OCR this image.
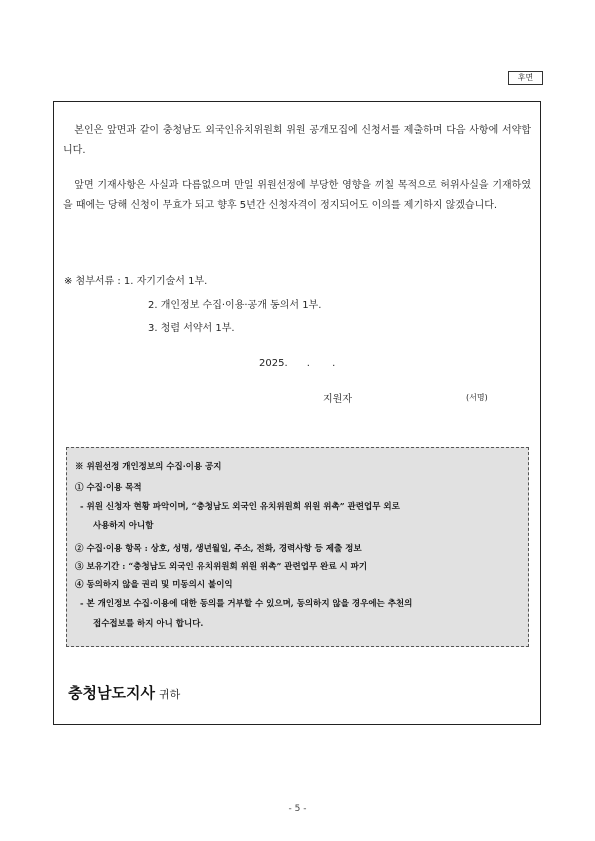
후면

본인은 앞면과 같이 충청남도 외국인유치위원회 위원 공개모집에 신청서를 제출하며 다음 사항에 서약합니다.

앞면 기재사항은 사실과 다름없으며 만일 위원선정에 부당한 영향을 끼칠 목적으로 허위사실을 기재하였을 때에는 당해 신청이 무효가 되고 향후 5년간 신청자격이 정지되어도 이의를 제기하지 않겠습니다.

※ 첨부서류 : 1. 자기기술서 1부.
2. 개인정보 수집·이용·공개 동의서 1부.
3. 청렴 서약서 1부.
2025.      .       .
지원자	(서명)
※ 위원선정 개인정보의 수집·이용 공지
① 수집·이용 목적
- 위원 신청자 현황 파악이며, “충청남도 외국인 유치위원회 위원 위촉” 관련업무 외로
사용하지 아니함
② 수집·이용 항목 : 상호, 성명, 생년월일, 주소, 전화, 경력사항 등 제출 정보
③ 보유기간 : “충청남도 외국인 유치위원회 위원 위촉” 관련업무 완료 시 파기
④ 동의하지 않을 권리 및 미동의시 불이익
- 본 개인정보 수집·이용에 대한 동의를 거부할 수 있으며, 동의하지 않을 경우에는 추천의
접수접보를 하지 아니 합니다.
충청남도지사 귀하
- 5 -
